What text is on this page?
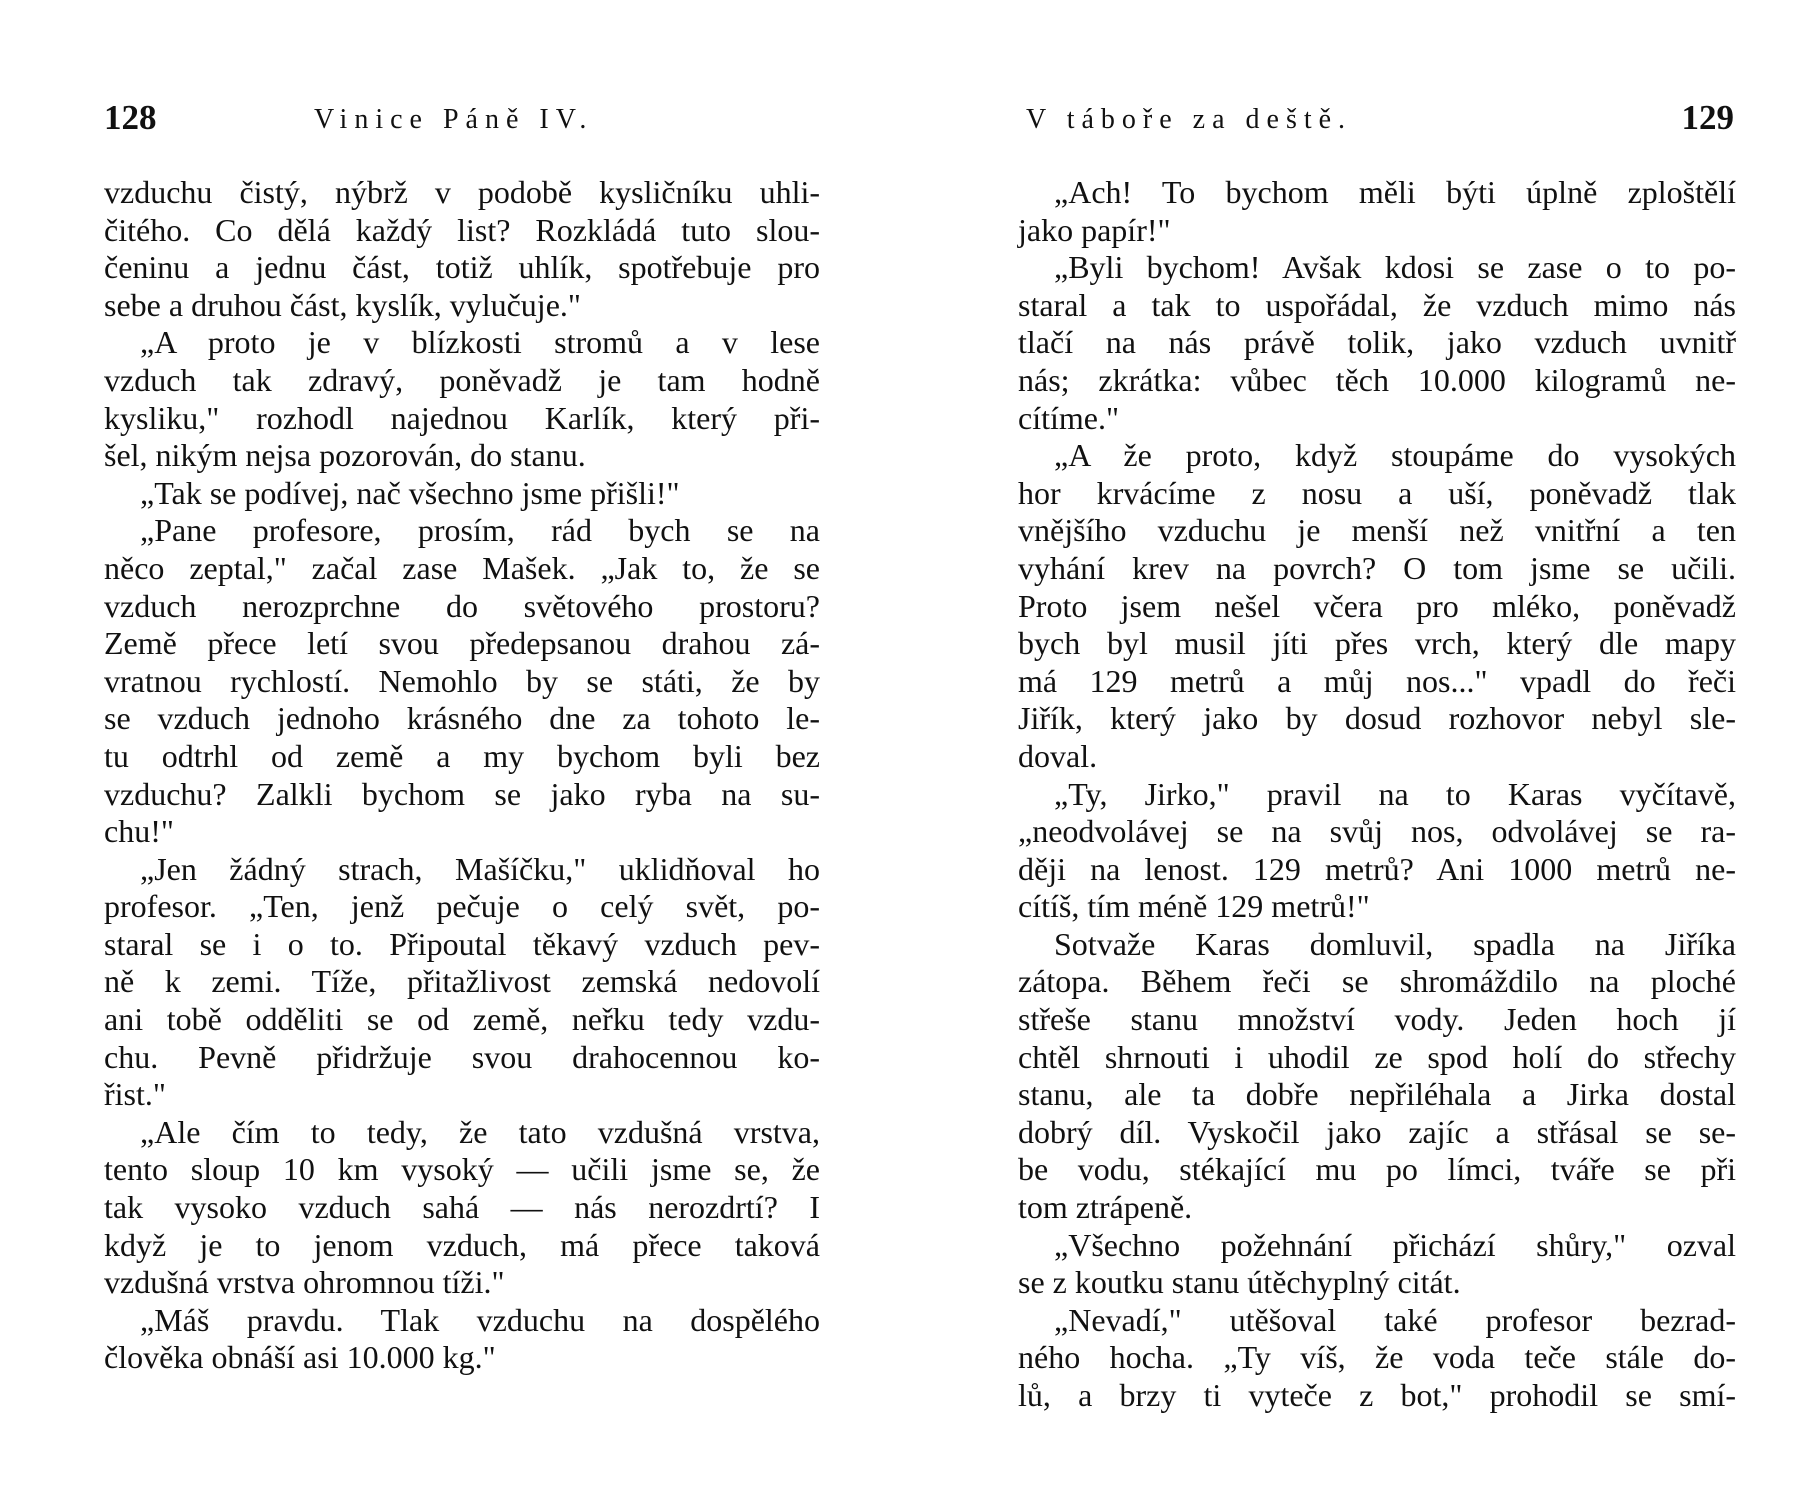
128	Vinice Páně IV.
vzduchu čistý, nýbrž v podobě kysličníku uhli-
čitého. Co dělá každý list? Rozkládá tuto slou-
čeninu a jednu část, totiž uhlík, spotřebuje pro
sebe a druhou část, kyslík, vylučuje."
„A proto je v blízkosti stromů a v lese
vzduch tak zdravý, poněvadž je tam hodně
kysliku," rozhodl najednou Karlík, který při-
šel, nikým nejsa pozorován, do stanu.
„Tak se podívej, nač všechno jsme přišli!"
„Pane profesore, prosím, rád bych se na
něco zeptal," začal zase Mašek. „Jak to, že se
vzduch nerozprchne do světového prostoru?
Země přece letí svou předepsanou drahou zá-
vratnou rychlostí. Nemohlo by se státi, že by
se vzduch jednoho krásného dne za tohoto le-
tu odtrhl od země a my bychom byli bez
vzduchu? Zalkli bychom se jako ryba na su-
chu!"
„Jen žádný strach, Mašíčku," uklidňoval ho
profesor. „Ten, jenž pečuje o celý svět, po-
staral se i o to. Připoutal těkavý vzduch pev-
ně k zemi. Tíže, přitažlivost zemská nedovolí
ani tobě odděliti se od země, neřku tedy vzdu-
chu. Pevně přidržuje svou drahocennou ko-
řist."
„Ale čím to tedy, že tato vzdušná vrstva,
tento sloup 10 km vysoký — učili jsme se, že
tak vysoko vzduch sahá — nás nerozdrtí? I
když je to jenom vzduch, má přece taková
vzdušná vrstva ohromnou tíži."
„Máš pravdu. Tlak vzduchu na dospělého
člověka obnáší asi 10.000 kg."
V táboře za deště.	129
„Ach! To bychom měli býti úplně zploštělí
jako papír!"
„Byli bychom! Avšak kdosi se zase o to po-
staral a tak to uspořádal, že vzduch mimo nás
tlačí na nás právě tolik, jako vzduch uvnitř
nás; zkrátka: vůbec těch 10.000 kilogramů ne-
cítíme."
„A že proto, když stoupáme do vysokých
hor krvácíme z nosu a uší, poněvadž tlak
vnějšího vzduchu je menší než vnitřní a ten
vyhání krev na povrch? O tom jsme se učili.
Proto jsem nešel včera pro mléko, poněvadž
bych byl musil jíti přes vrch, který dle mapy
má 129 metrů a můj nos..." vpadl do řeči
Jiřík, který jako by dosud rozhovor nebyl sle-
doval.
„Ty, Jirko," pravil na to Karas vyčítavě,
„neodvolávej se na svůj nos, odvolávej se ra-
ději na lenost. 129 metrů? Ani 1000 metrů ne-
cítíš, tím méně 129 metrů!"
Sotvaže Karas domluvil, spadla na Jiříka
zátopa. Během řeči se shromáždilo na ploché
střeše stanu množství vody. Jeden hoch jí
chtěl shrnouti i uhodil ze spod holí do střechy
stanu, ale ta dobře nepřiléhala a Jirka dostal
dobrý díl. Vyskočil jako zajíc a střásal se se-
be vodu, stékající mu po límci, tváře se při
tom ztrápeně.
„Všechno požehnání přichází shůry," ozval
se z koutku stanu útěchyplný citát.
„Nevadí," utěšoval také profesor bezrad-
ného hocha. „Ty víš, že voda teče stále do-
lů, a brzy ti vyteče z bot," prohodil se smí-
